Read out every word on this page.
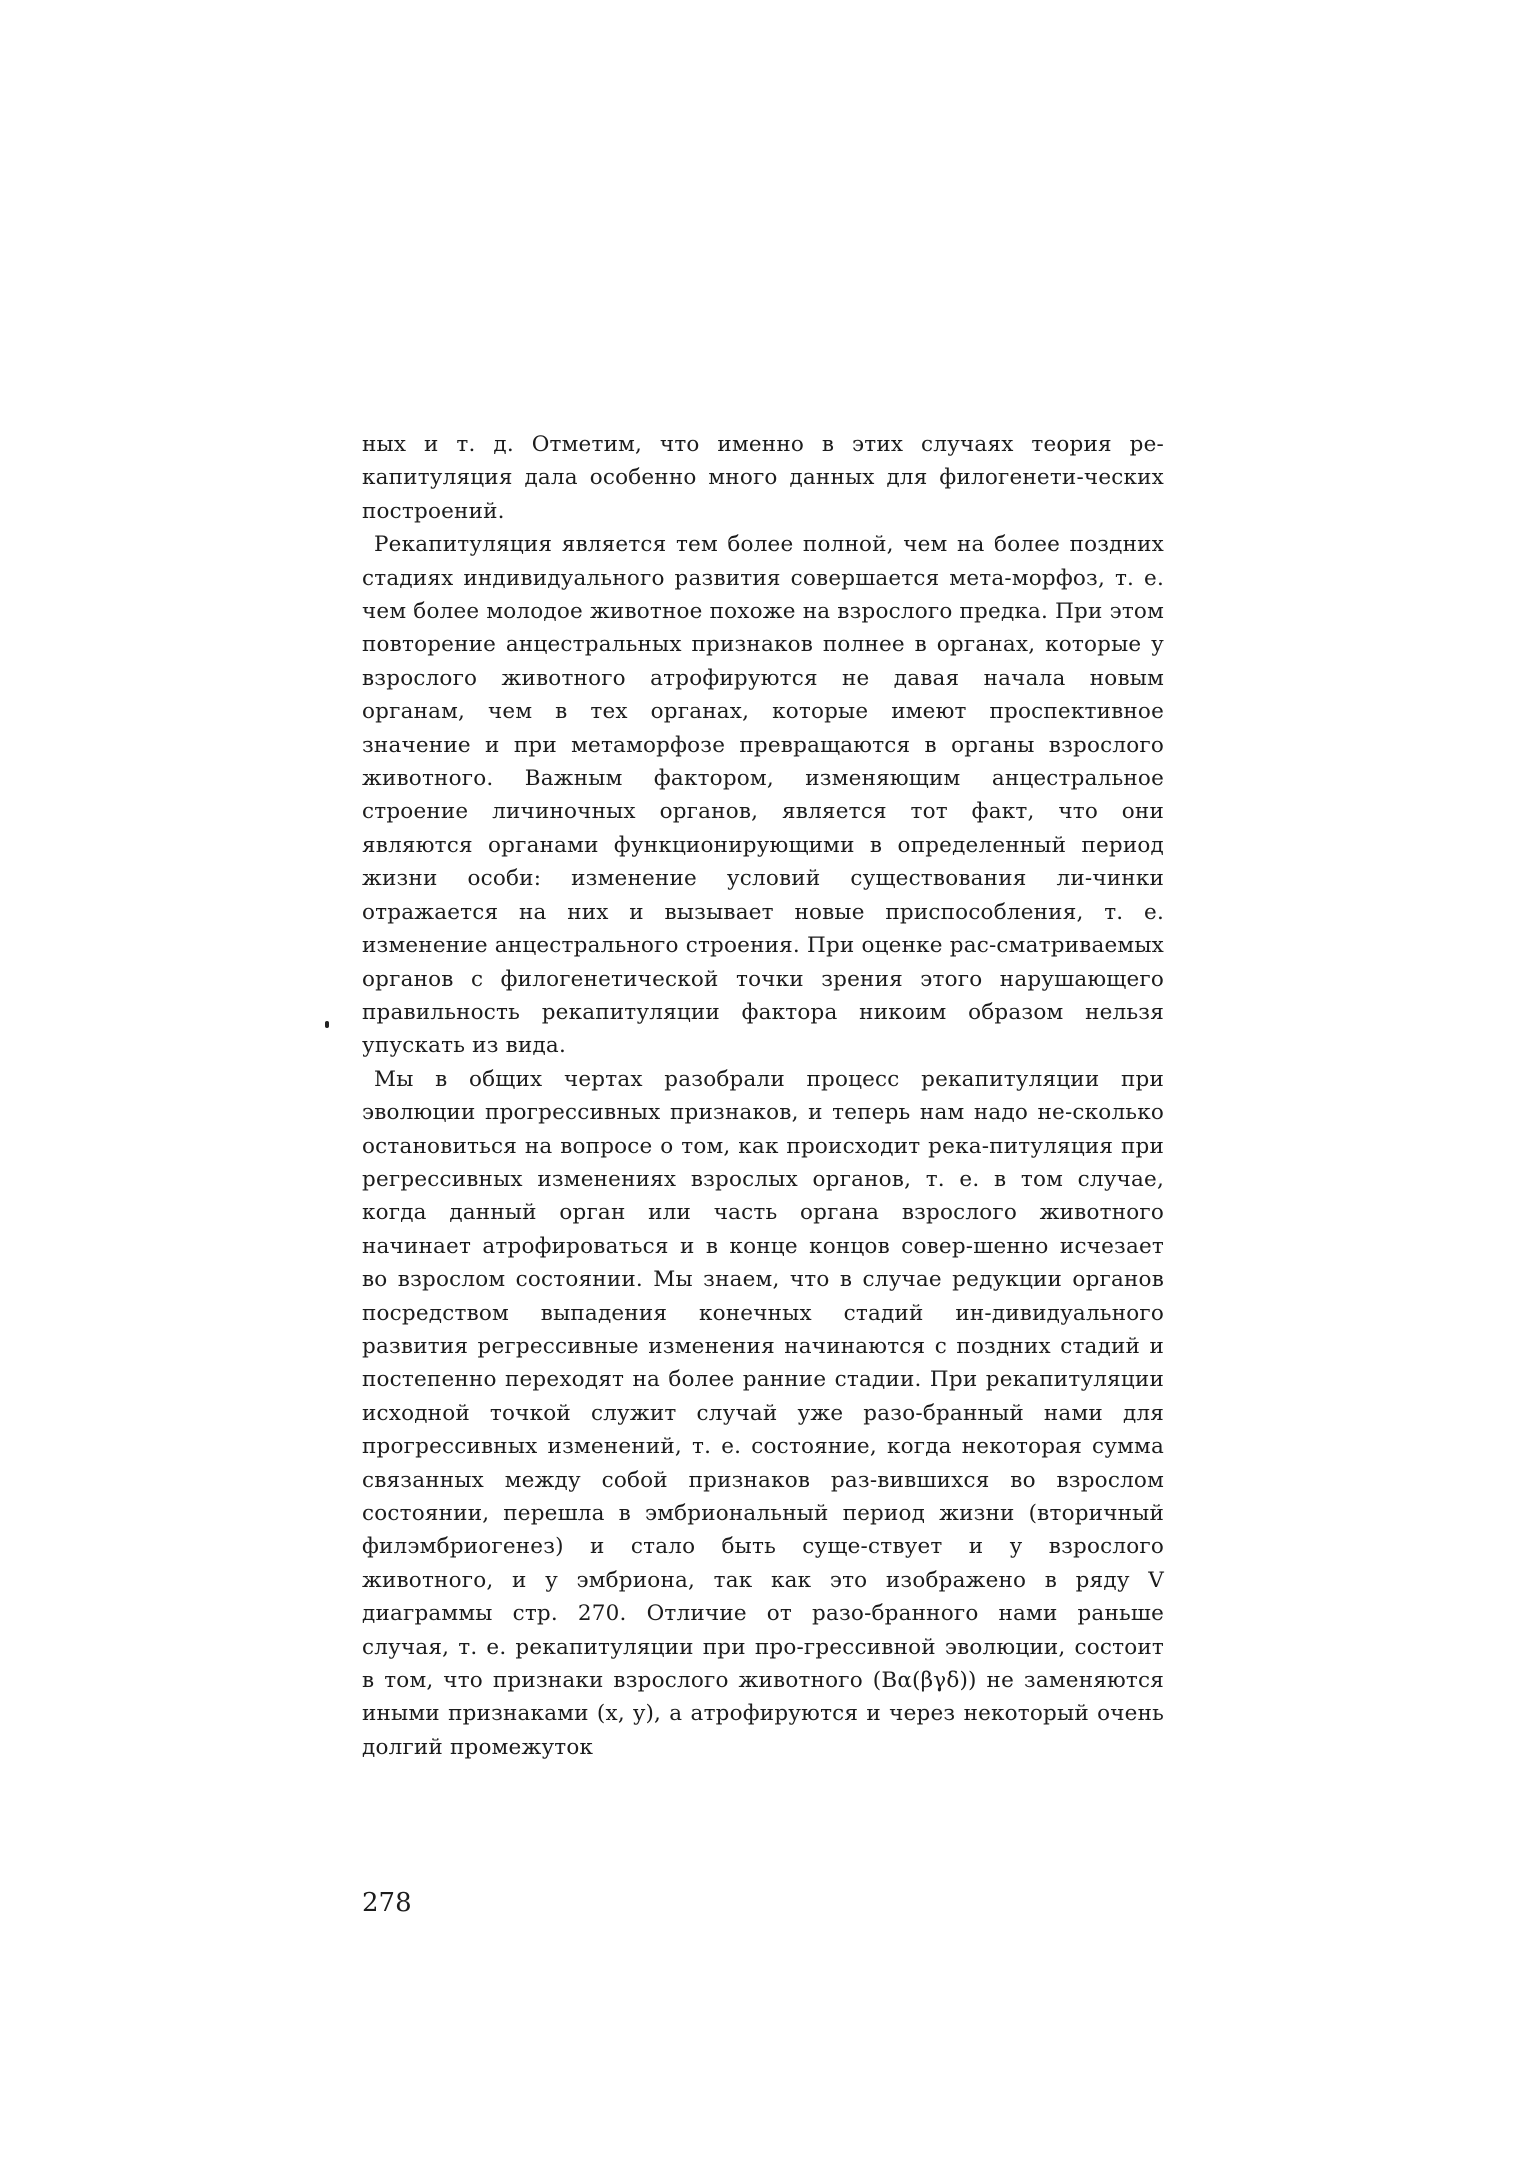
ных и т. д. Отметим, что именно в этих случаях теория ре-капитуляция дала особенно много данных для филогенети-ческих построений.

Рекапитуляция является тем более полной, чем на более поздних стадиях индивидуального развития совершается мета-морфоз, т. е. чем более молодое животное похоже на взрослого предка. При этом повторение анцестральных признаков полнее в органах, которые у взрослого животного атрофируются не давая начала новым органам, чем в тех органах, которые имеют проспективное значение и при метаморфозе превращаются в органы взрослого животного. Важным фактором, изменяющим анцестральное строение личиночных органов, является тот факт, что они являются органами функционирующими в определенный период жизни особи: изменение условий существования ли-чинки отражается на них и вызывает новые приспособления, т. е. изменение анцестрального строения. При оценке рас-сматриваемых органов с филогенетической точки зрения этого нарушающего правильность рекапитуляции фактора никоим образом нельзя упускать из вида.

Мы в общих чертах разобрали процесс рекапитуляции при эволюции прогрессивных признаков, и теперь нам надо не-сколько остановиться на вопросе о том, как происходит река-питуляция при регрессивных изменениях взрослых органов, т. е. в том случае, когда данный орган или часть органа взрослого животного начинает атрофироваться и в конце концов совер-шенно исчезает во взрослом состоянии. Мы знаем, что в случае редукции органов посредством выпадения конечных стадий ин-дивидуального развития регрессивные изменения начинаются с поздних стадий и постепенно переходят на более ранние стадии. При рекапитуляции исходной точкой служит случай уже разо-бранный нами для прогрессивных изменений, т. е. состояние, когда некоторая сумма связанных между собой признаков раз-вившихся во взрослом состоянии, перешла в эмбриональный период жизни (вторичный филэмбриогенез) и стало быть суще-ствует и у взрослого животного, и у эмбриона, так как это изображено в ряду V диаграммы стр. 270. Отличие от разо-бранного нами раньше случая, т. е. рекапитуляции при про-грессивной эволюции, состоит в том, что признаки взрослого животного (Bα(βγδ)) не заменяются иными признаками (x, y), а атрофируются и через некоторый очень долгий промежуток

278
